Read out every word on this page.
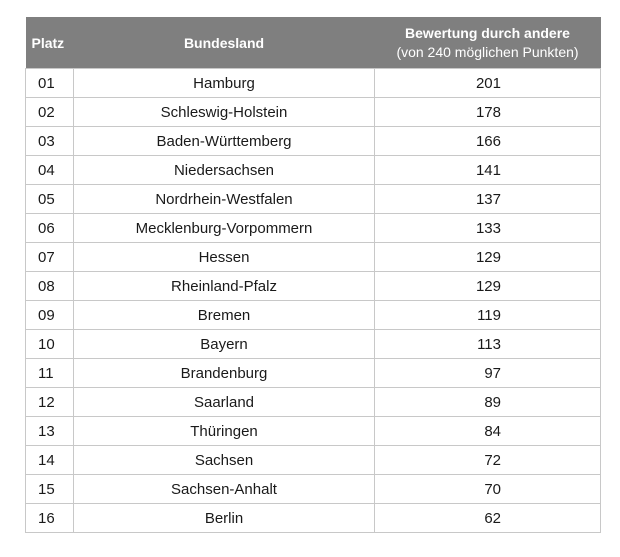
Platz	Bundesland	Bewertung durch andere
(von 240 möglichen Punkten)

01	Hamburg	201
02	Schleswig-Holstein	178
03	Baden-Württemberg	166
04	Niedersachsen	141
05	Nordrhein-Westfalen	137
06	Mecklenburg-Vorpommern	133
07	Hessen	129
08	Rheinland-Pfalz	129
09	Bremen	119
10	Bayern	113
11	Brandenburg	97
12	Saarland	89
13	Thüringen	84
14	Sachsen	72
15	Sachsen-Anhalt	70
16	Berlin	62
